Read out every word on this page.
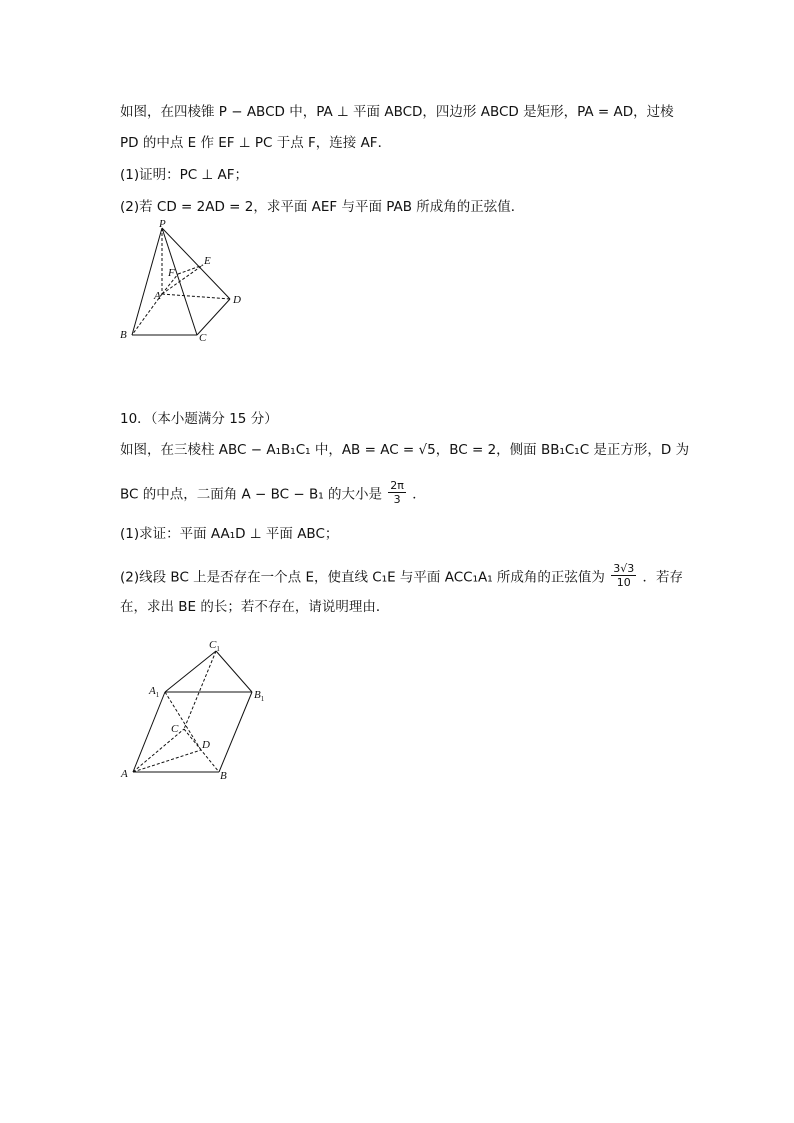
如图，在四棱锥 P − ABCD 中，PA ⊥ 平面 ABCD，四边形 ABCD 是矩形，PA = AD，过棱
PD 的中点 E 作 EF ⊥ PC 于点 F，连接 AF．
(1)证明：PC ⊥ AF；
(2)若 CD = 2AD = 2，求平面 AEF 与平面 PAB 所成角的正弦值．
P
E
F
A	D
B	C
10．（本小题满分 15 分）
如图，在三棱柱 ABC − A₁B₁C₁ 中，AB = AC = √5，BC = 2，侧面 BB₁C₁C 是正方形，D 为
BC 的中点，二面角 A − BC − B₁ 的大小是 $\frac{2\pi}{3}$ ．
(1)求证：平面 AA₁D ⊥ 平面 ABC；
(2)线段 BC 上是否存在一个点 E，使直线 C₁E 与平面 ACC₁A₁ 所成角的正弦值为 $\frac{3√3}{10}$ ．若存
在，求出 BE 的长；若不存在，请说明理由．
$C_1$
$A_1$	$B_1$
C
D
A	B
